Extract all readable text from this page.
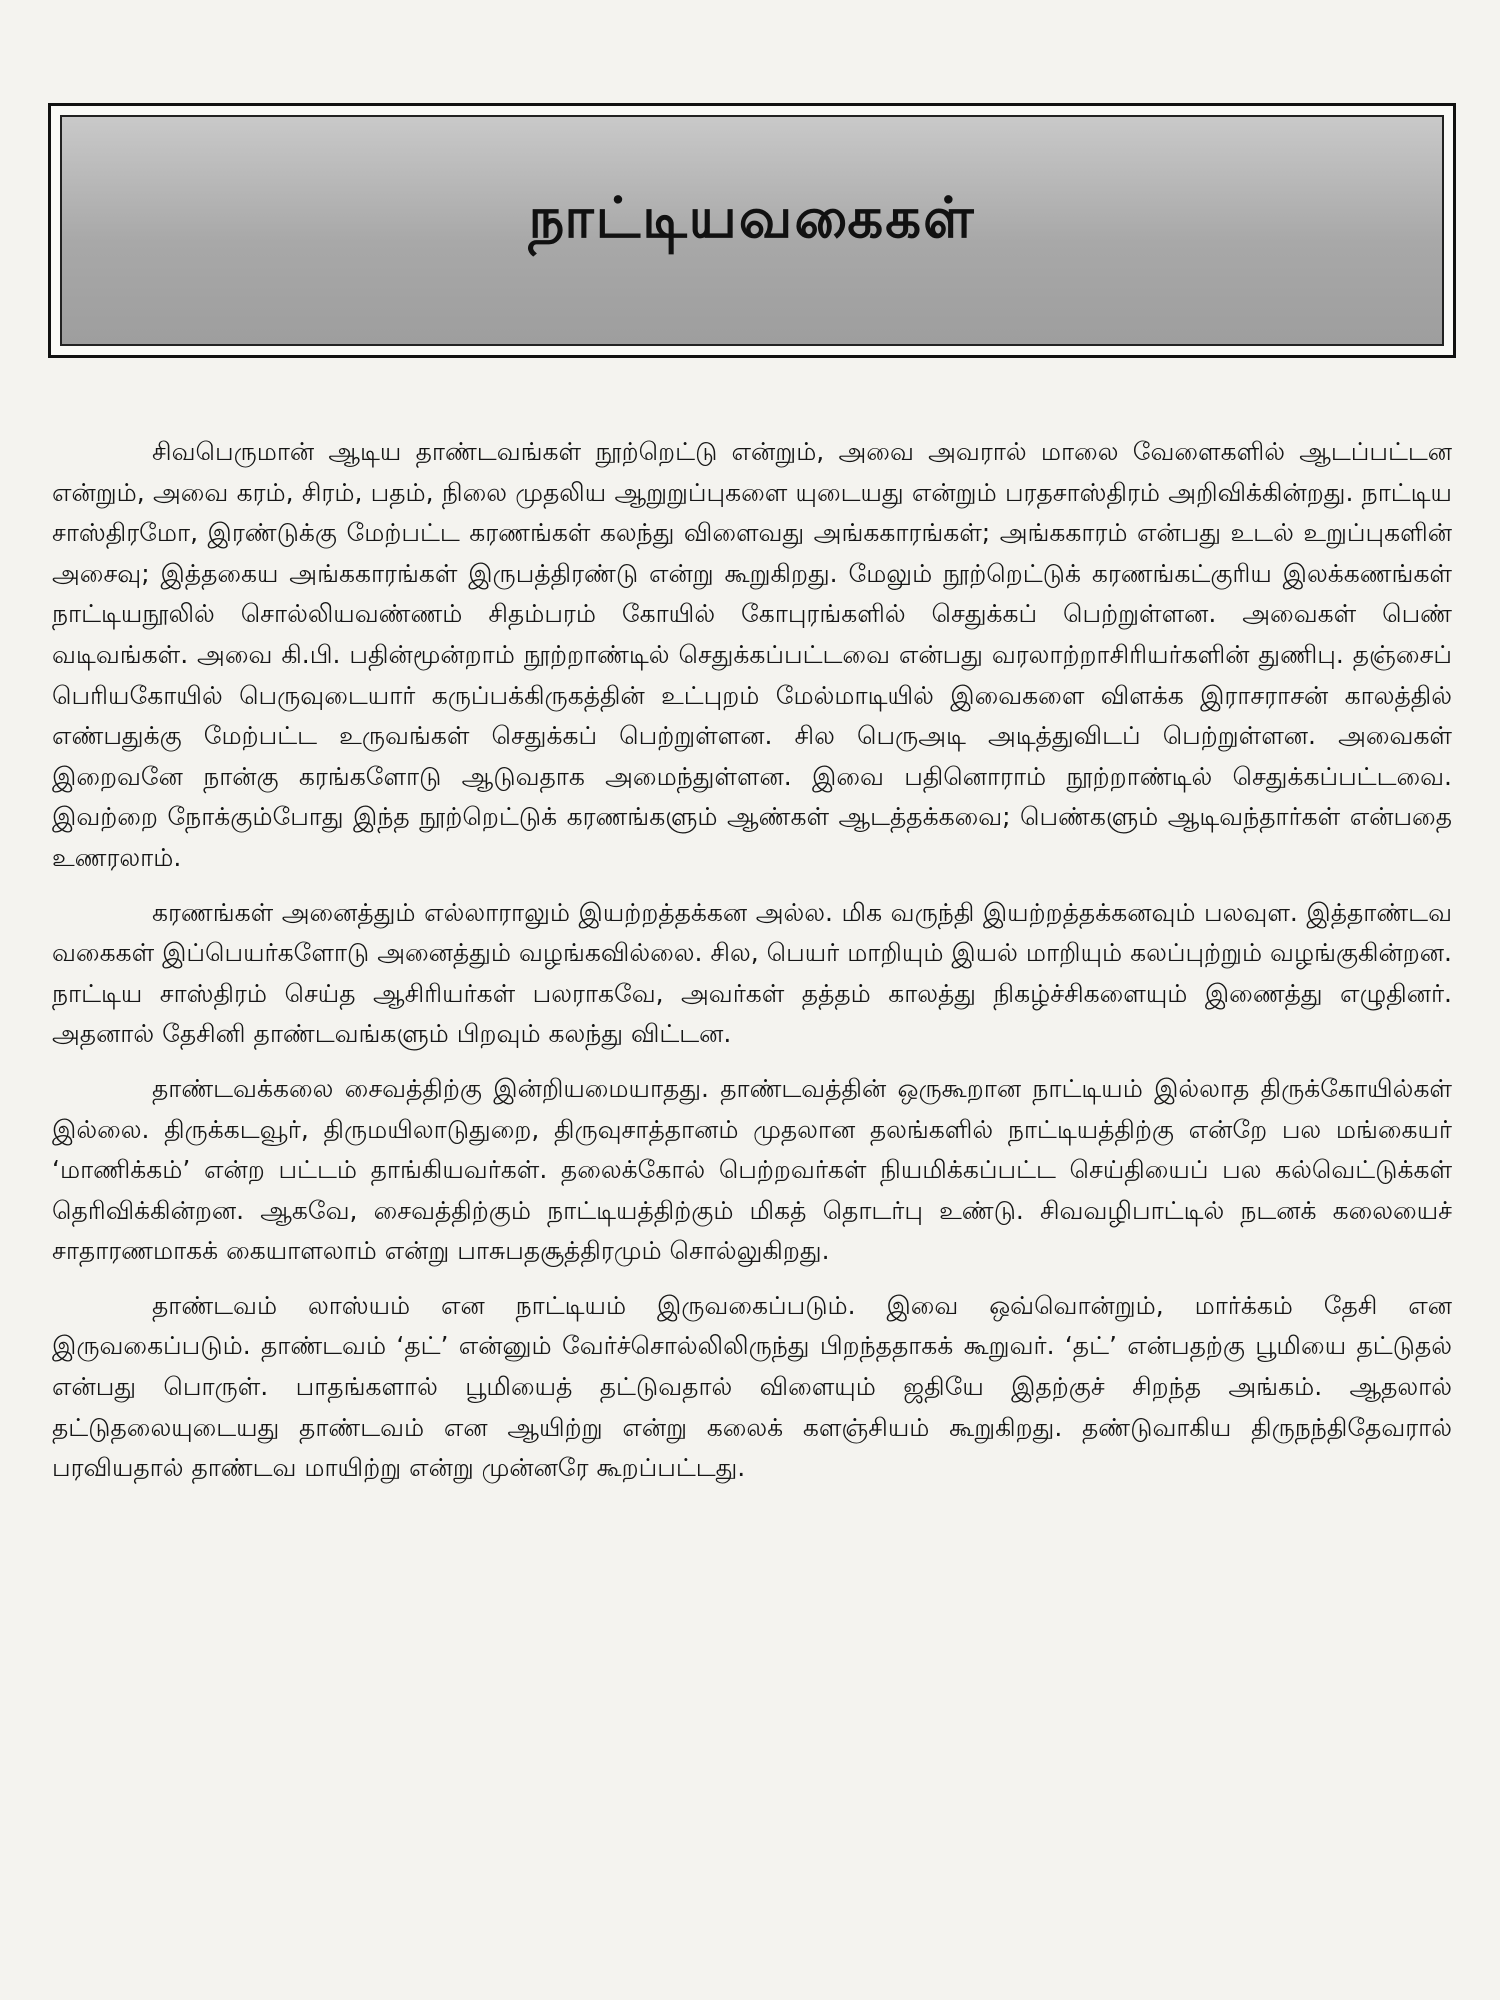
நாட்டியவகைகள்

சிவபெருமான் ஆடிய தாண்டவங்கள் நூற்றெட்டு என்றும், அவை அவரால் மாலை வேளைகளில் ஆடப்பட்டன என்றும், அவை கரம், சிரம், பதம், நிலை முதலிய ஆறுறுப்புகளை யுடையது என்றும் பரதசாஸ்திரம் அறிவிக்கின்றது. நாட்டிய சாஸ்திரமோ, இரண்டுக்கு மேற்பட்ட கரணங்கள் கலந்து விளைவது அங்ககாரங்கள்; அங்ககாரம் என்பது உடல் உறுப்புகளின் அசைவு; இத்தகைய அங்ககாரங்கள் இருபத்திரண்டு என்று கூறுகிறது. மேலும் நூற்றெட்டுக் கரணங்கட்குரிய இலக்கணங்கள் நாட்டியநூலில் சொல்லியவண்ணம் சிதம்பரம் கோயில் கோபுரங்களில் செதுக்கப் பெற்றுள்ளன. அவைகள் பெண் வடிவங்கள். அவை கி.பி. பதின்மூன்றாம் நூற்றாண்டில் செதுக்கப்பட்டவை என்பது வரலாற்றாசிரியர்களின் துணிபு. தஞ்சைப் பெரியகோயில் பெருவுடையார் கருப்பக்கிருகத்தின் உட்புறம் மேல்மாடியில் இவைகளை விளக்க இராசராசன் காலத்தில் எண்பதுக்கு மேற்பட்ட உருவங்கள் செதுக்கப் பெற்றுள்ளன. சில பெருஅடி அடித்துவிடப் பெற்றுள்ளன. அவைகள் இறைவனே நான்கு கரங்களோடு ஆடுவதாக அமைந்துள்ளன. இவை பதினொராம் நூற்றாண்டில் செதுக்கப்பட்டவை. இவற்றை நோக்கும்போது இந்த நூற்றெட்டுக் கரணங்களும் ஆண்கள் ஆடத்தக்கவை; பெண்களும் ஆடிவந்தார்கள் என்பதை உணரலாம்.

கரணங்கள் அனைத்தும் எல்லாராலும் இயற்றத்தக்கன அல்ல. மிக வருந்தி இயற்றத்தக்கனவும் பலவுள. இத்தாண்டவ வகைகள் இப்பெயர்களோடு அனைத்தும் வழங்கவில்லை. சில, பெயர் மாறியும் இயல் மாறியும் கலப்புற்றும் வழங்குகின்றன. நாட்டிய சாஸ்திரம் செய்த ஆசிரியர்கள் பலராகவே, அவர்கள் தத்தம் காலத்து நிகழ்ச்சிகளையும் இணைத்து எழுதினர். அதனால் தேசினி தாண்டவங்களும் பிறவும் கலந்து விட்டன.

தாண்டவக்கலை சைவத்திற்கு இன்றியமையாதது. தாண்டவத்தின் ஒருகூறான நாட்டியம் இல்லாத திருக்கோயில்கள் இல்லை. திருக்கடவூர், திருமயிலாடுதுறை, திருவுசாத்தானம் முதலான தலங்களில் நாட்டியத்திற்கு என்றே பல மங்கையர் ‘மாணிக்கம்’ என்ற பட்டம் தாங்கியவர்கள். தலைக்கோல் பெற்றவர்கள் நியமிக்கப்பட்ட செய்தியைப் பல கல்வெட்டுக்கள் தெரிவிக்கின்றன. ஆகவே, சைவத்திற்கும் நாட்டியத்திற்கும் மிகத் தொடர்பு உண்டு. சிவவழிபாட்டில் நடனக் கலையைச் சாதாரணமாகக் கையாளலாம் என்று பாசுபதசூத்திரமும் சொல்லுகிறது.

தாண்டவம் லாஸ்யம் என நாட்டியம் இருவகைப்படும். இவை ஒவ்வொன்றும், மார்க்கம் தேசி என இருவகைப்படும். தாண்டவம் ‘தட்’ என்னும் வேர்ச்சொல்லிலிருந்து பிறந்ததாகக் கூறுவர். ‘தட்’ என்பதற்கு பூமியை தட்டுதல் என்பது பொருள். பாதங்களால் பூமியைத் தட்டுவதால் விளையும் ஜதியே இதற்குச் சிறந்த அங்கம். ஆதலால் தட்டுதலையுடையது தாண்டவம் என ஆயிற்று என்று கலைக் களஞ்சியம் கூறுகிறது. தண்டுவாகிய திருநந்திதேவரால் பரவியதால் தாண்டவ மாயிற்று என்று முன்னரே கூறப்பட்டது.
